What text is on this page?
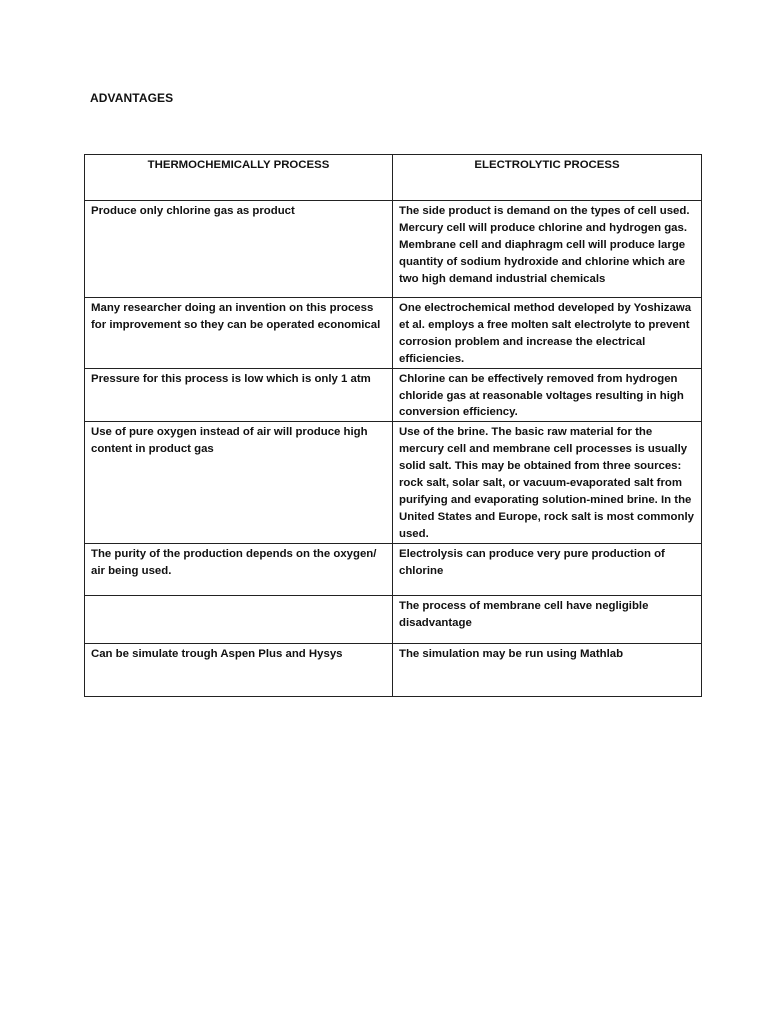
ADVANTAGES
THERMOCHEMICALLY PROCESS	ELECTROLYTIC PROCESS
Produce only chlorine gas as product	The side product is demand on the types of cell used. Mercury cell will produce chlorine and hydrogen gas. Membrane cell and diaphragm cell will produce large quantity of sodium hydroxide and chlorine which are two high demand industrial chemicals
Many researcher doing an invention on this process for improvement so they can be operated economical	One electrochemical method developed by Yoshizawa et al. employs a free molten salt electrolyte to prevent corrosion problem and increase the electrical efficiencies.
Pressure for this process is low which is only 1 atm	Chlorine can be effectively removed from hydrogen chloride gas at reasonable voltages resulting in high conversion efficiency.
Use of pure oxygen instead of air will produce high content in product gas	Use of the brine. The basic raw material for the mercury cell and membrane cell processes is usually solid salt. This may be obtained from three sources: rock salt, solar salt, or vacuum-evaporated salt from purifying and evaporating solution-mined brine. In the United States and Europe, rock salt is most commonly used.
The purity of the production depends on the oxygen/ air being used.	Electrolysis can produce very pure production of chlorine
	The process of membrane cell have negligible disadvantage
Can be simulate trough Aspen Plus and Hysys	The simulation may be run using Mathlab
